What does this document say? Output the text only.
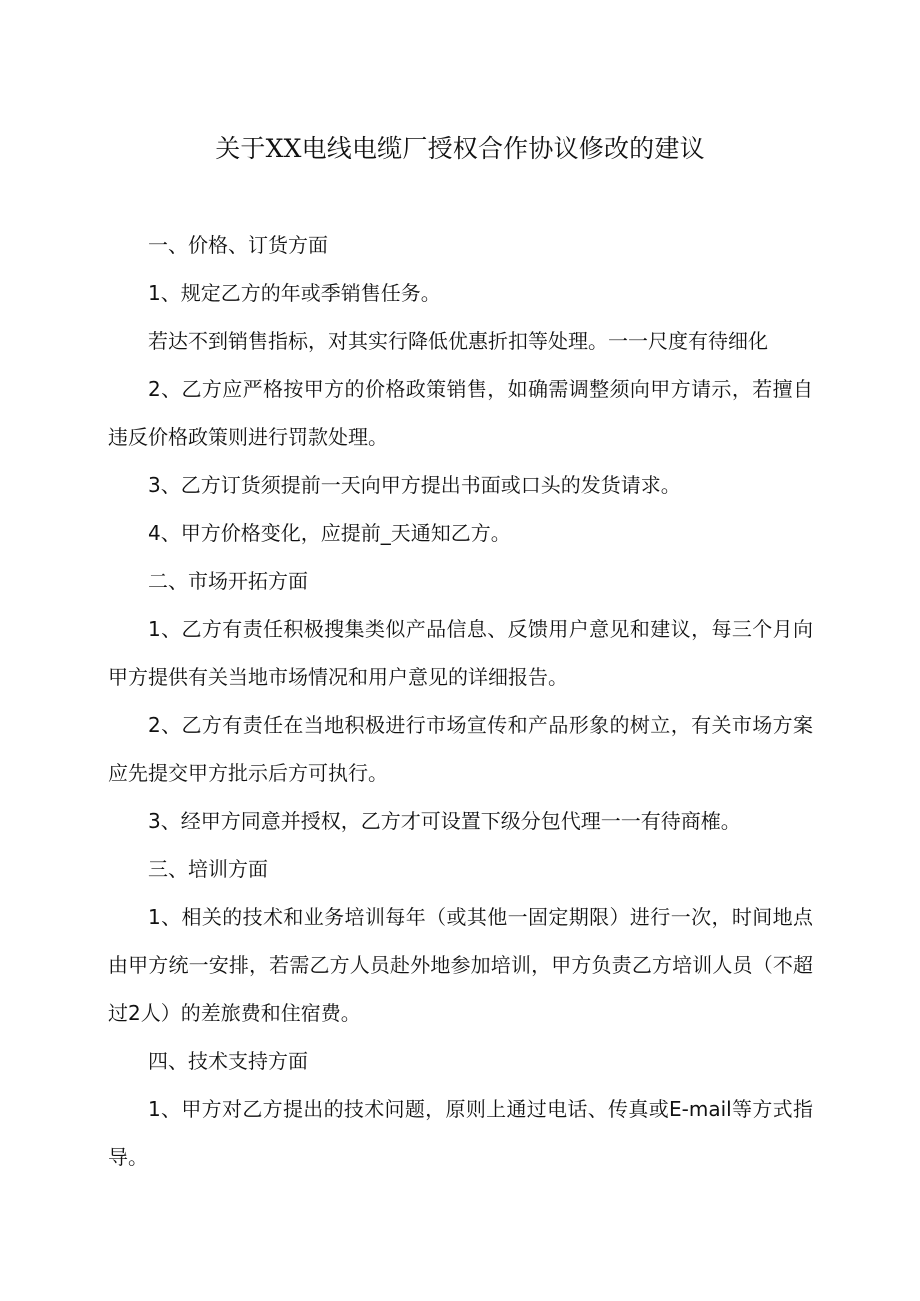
关于XX电线电缆厂授权合作协议修改的建议

一、价格、订货方面

1、规定乙方的年或季销售任务。

若达不到销售指标，对其实行降低优惠折扣等处理。一一尺度有待细化

2、乙方应严格按甲方的价格政策销售，如确需调整须向甲方请示，若擅自违反价格政策则进行罚款处理。

3、乙方订货须提前一天向甲方提出书面或口头的发货请求。

4、甲方价格变化，应提前_天通知乙方。

二、市场开拓方面

1、乙方有责任积极搜集类似产品信息、反馈用户意见和建议，每三个月向甲方提供有关当地市场情况和用户意见的详细报告。

2、乙方有责任在当地积极进行市场宣传和产品形象的树立，有关市场方案应先提交甲方批示后方可执行。

3、经甲方同意并授权，乙方才可设置下级分包代理一一有待商榷。

三、培训方面

1、相关的技术和业务培训每年（或其他一固定期限）进行一次，时间地点由甲方统一安排，若需乙方人员赴外地参加培训，甲方负责乙方培训人员（不超过2人）的差旅费和住宿费。

四、技术支持方面

1、甲方对乙方提出的技术问题，原则上通过电话、传真或E-mail等方式指导。
